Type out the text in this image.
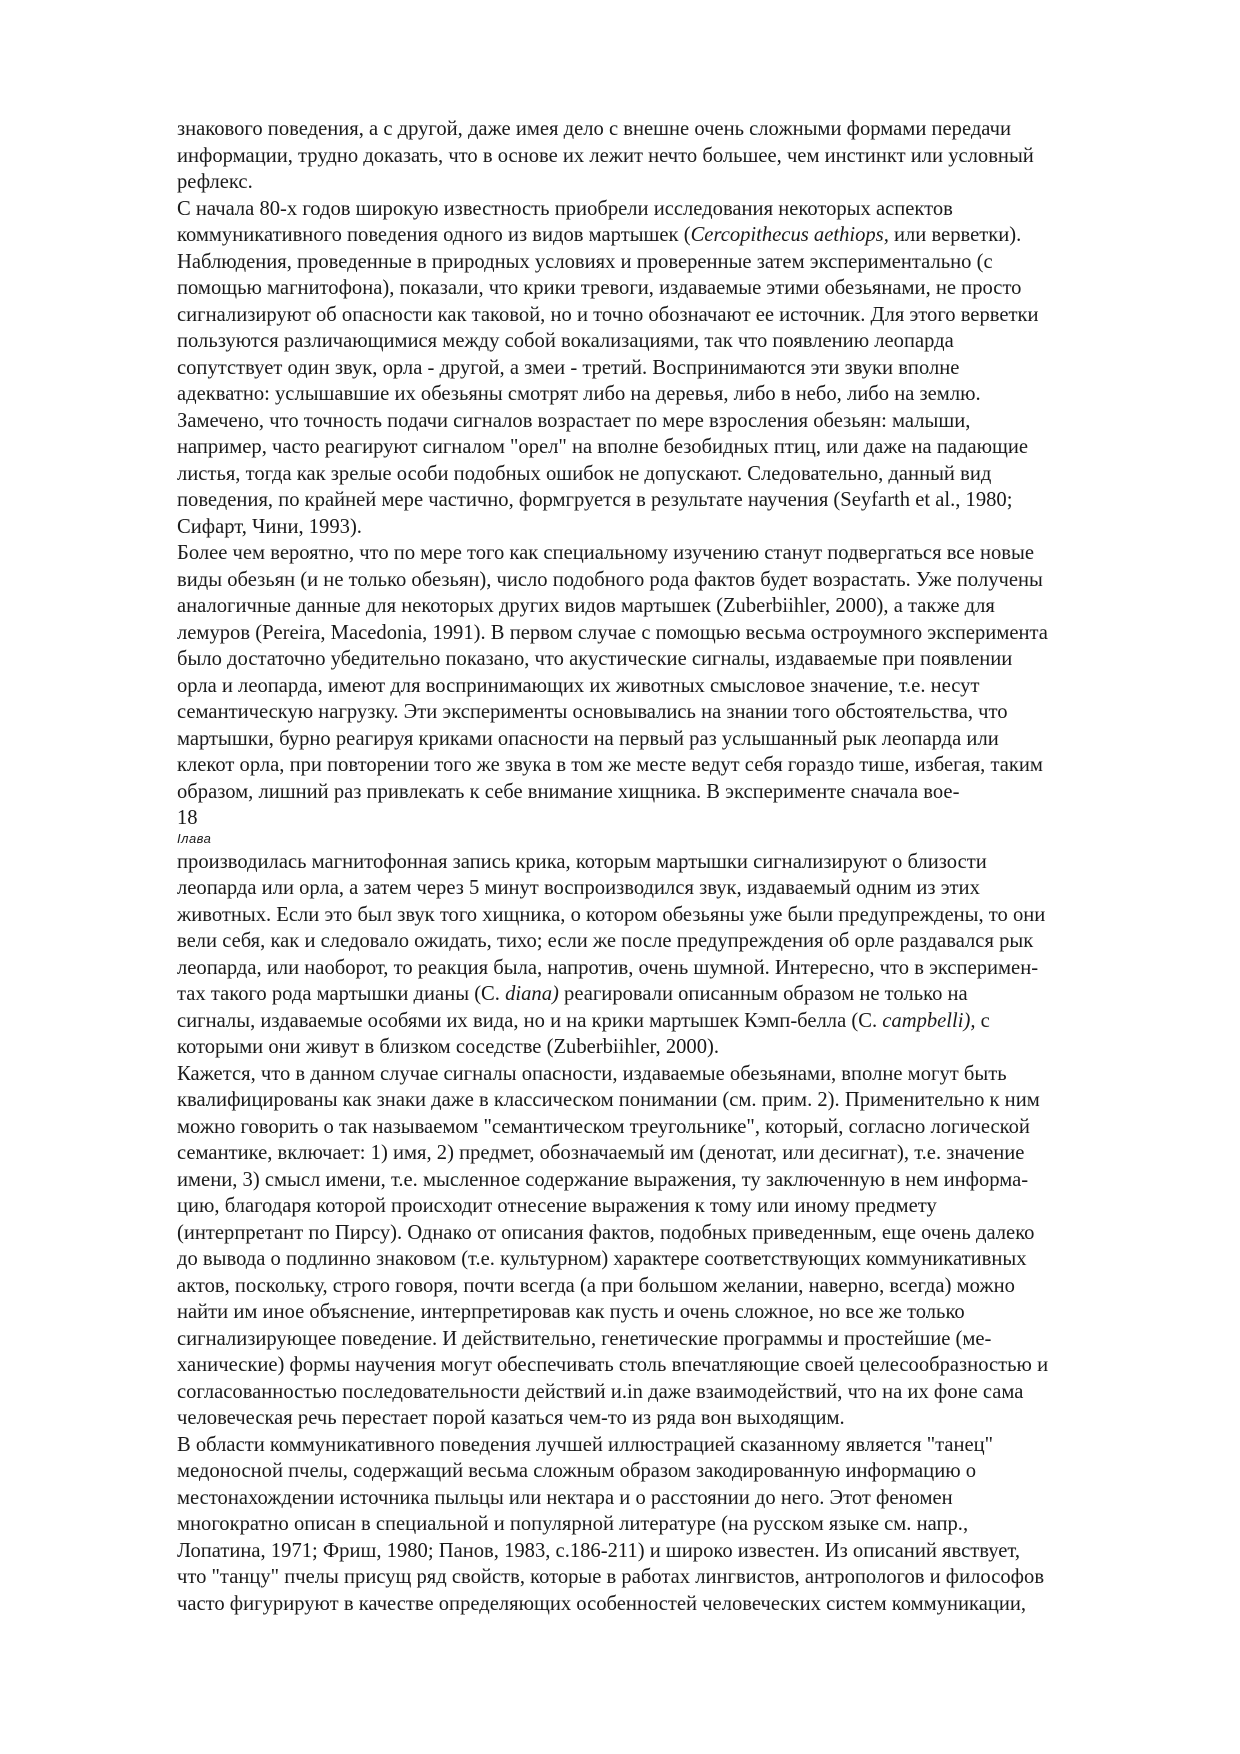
знакового поведения, а с другой, даже имея дело с внешне очень сложными формами передачи
информации, трудно доказать, что в основе их лежит нечто большее, чем инстинкт или условный
рефлекс.
С начала 80-х годов широкую известность приобрели исследования некоторых аспектов
коммуникативного поведения одного из видов мартышек (Cercopithecus aethiops, или верветки).
Наблюдения, проведенные в природных условиях и проверенные затем экспериментально (с
помощью магнитофона), показали, что крики тревоги, издаваемые этими обезьянами, не просто
сигнализируют об опасности как таковой, но и точно обозначают ее источник. Для этого верветки
пользуются различающимися между собой вокализациями, так что появлению леопарда
сопутствует один звук, орла - другой, а змеи - третий. Воспринимаются эти звуки вполне
адекватно: услышавшие их обезьяны смотрят либо на деревья, либо в небо, либо на землю.
Замечено, что точность подачи сигналов возрастает по мере взросления обезьян: малыши,
например, часто реагируют сигналом "орел" на вполне безобидных птиц, или даже на падающие
листья, тогда как зрелые особи подобных ошибок не допускают. Следовательно, данный вид
поведения, по крайней мере частично, формгруется в результате научения (Seyfarth et al., 1980;
Сифарт, Чини, 1993).
Более чем вероятно, что по мере того как специальному изучению станут подвергаться все новые
виды обезьян (и не только обезьян), число подобного рода фактов будет возрастать. Уже получены
аналогичные данные для некоторых других видов мартышек (Zuberbiihler, 2000), а также для
лемуров (Pereira, Macedonia, 1991). В первом случае с помощью весьма остроумного эксперимента
было достаточно убедительно показано, что акустические сигналы, издаваемые при появлении
орла и леопарда, имеют для воспринимающих их животных смысловое значение, т.е. несут
семантическую нагрузку. Эти эксперименты основывались на знании того обстоятельства, что
мартышки, бурно реагируя криками опасности на первый раз услышанный рык леопарда или
клекот орла, при повторении того же звука в том же месте ведут себя гораздо тише, избегая, таким
образом, лишний раз привлекать к себе внимание хищника. В эксперименте сначала вое-
18
Iлава
производилась магнитофонная запись крика, которым мартышки сигнализируют о близости
леопарда или орла, а затем через 5 минут воспроизводился звук, издаваемый одним из этих
животных. Если это был звук того хищника, о котором обезьяны уже были предупреждены, то они
вели себя, как и следовало ожидать, тихо; если же после предупреждения об орле раздавался рык
леопарда, или наоборот, то реакция была, напротив, очень шумной. Интересно, что в эксперимен-
тах такого рода мартышки дианы (С. diana) реагировали описанным образом не только на
сигналы, издаваемые особями их вида, но и на крики мартышек Кэмп-белла (С. campbelli), с
которыми они живут в близком соседстве (Zuberbiihler, 2000).
Кажется, что в данном случае сигналы опасности, издаваемые обезьянами, вполне могут быть
квалифицированы как знаки даже в классическом понимании (см. прим. 2). Применительно к ним
можно говорить о так называемом "семантическом треугольнике", который, согласно логической
семантике, включает: 1) имя, 2) предмет, обозначаемый им (денотат, или десигнат), т.е. значение
имени, 3) смысл имени, т.е. мысленное содержание выражения, ту заключенную в нем информа-
цию, благодаря которой происходит отнесение выражения к тому или иному предмету
(интерпретант по Пирсу). Однако от описания фактов, подобных приведенным, еще очень далеко
до вывода о подлинно знаковом (т.е. культурном) характере соответствующих коммуникативных
актов, поскольку, строго говоря, почти всегда (а при большом желании, наверно, всегда) можно
найти им иное объяснение, интерпретировав как пусть и очень сложное, но все же только
сигнализирующее поведение. И действительно, генетические программы и простейшие (ме-
ханические) формы научения могут обеспечивать столь впечатляющие своей целесообразностью и
согласованностью последовательности действий и.in даже взаимодействий, что на их фоне сама
человеческая речь перестает порой казаться чем-то из ряда вон выходящим.
В области коммуникативного поведения лучшей иллюстрацией сказанному является "танец"
медоносной пчелы, содержащий весьма сложным образом закодированную информацию о
местонахождении источника пыльцы или нектара и о расстоянии до него. Этот феномен
многократно описан в специальной и популярной литературе (на русском языке см. напр.,
Лопатина, 1971; Фриш, 1980; Панов, 1983, с.186-211) и широко известен. Из описаний явствует,
что "танцу" пчелы присущ ряд свойств, которые в работах лингвистов, антропологов и философов
часто фигурируют в качестве определяющих особенностей человеческих систем коммуникации,
